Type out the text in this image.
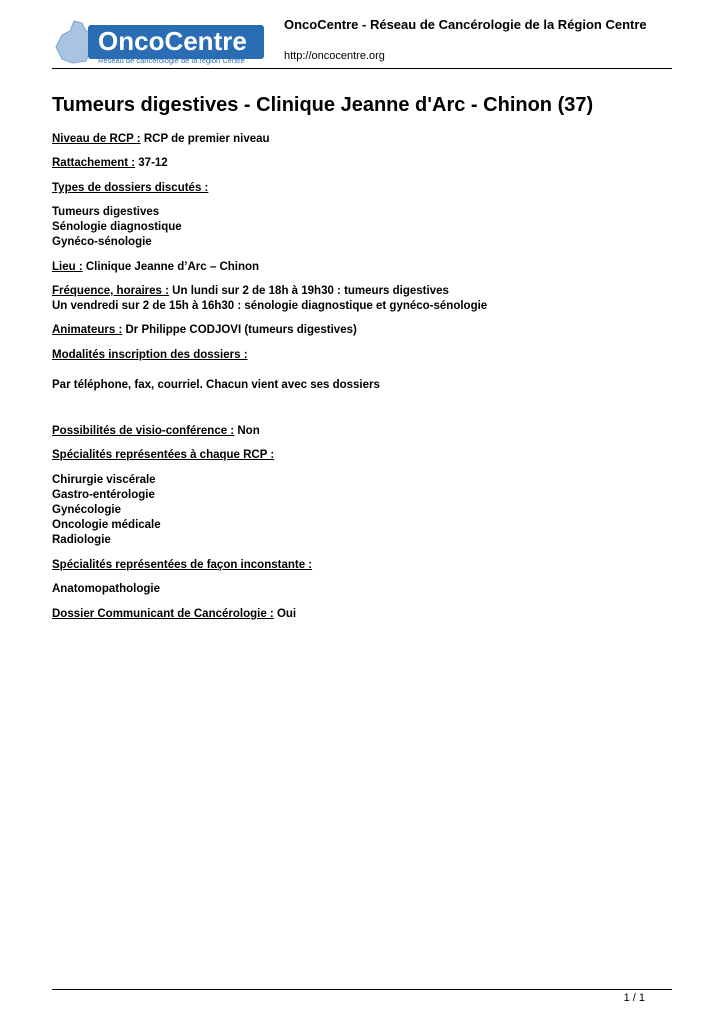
OncoCentre
Réseau de cancérologie de la région Centre
OncoCentre - Réseau de Cancérologie de la Région Centre
http://oncocentre.org
Tumeurs digestives - Clinique Jeanne d'Arc - Chinon (37)
Niveau de RCP : RCP de premier niveau
Rattachement : 37-12
Types de dossiers discutés :
Tumeurs digestives
Sénologie diagnostique
Gynéco-sénologie
Lieu : Clinique Jeanne d’Arc – Chinon
Fréquence, horaires : Un lundi sur 2 de 18h à 19h30 : tumeurs digestives
Un vendredi sur 2 de 15h à 16h30 : sénologie diagnostique et gynéco-sénologie
Animateurs : Dr Philippe CODJOVI (tumeurs digestives)
Modalités inscription des dossiers :
Par téléphone, fax, courriel. Chacun vient avec ses dossiers
Possibilités de visio-conférence : Non
Spécialités représentées à chaque RCP :
Chirurgie viscérale
Gastro-entérologie
Gynécologie
Oncologie médicale
Radiologie
Spécialités représentées de façon inconstante :
Anatomopathologie
Dossier Communicant de Cancérologie : Oui
1 / 1
